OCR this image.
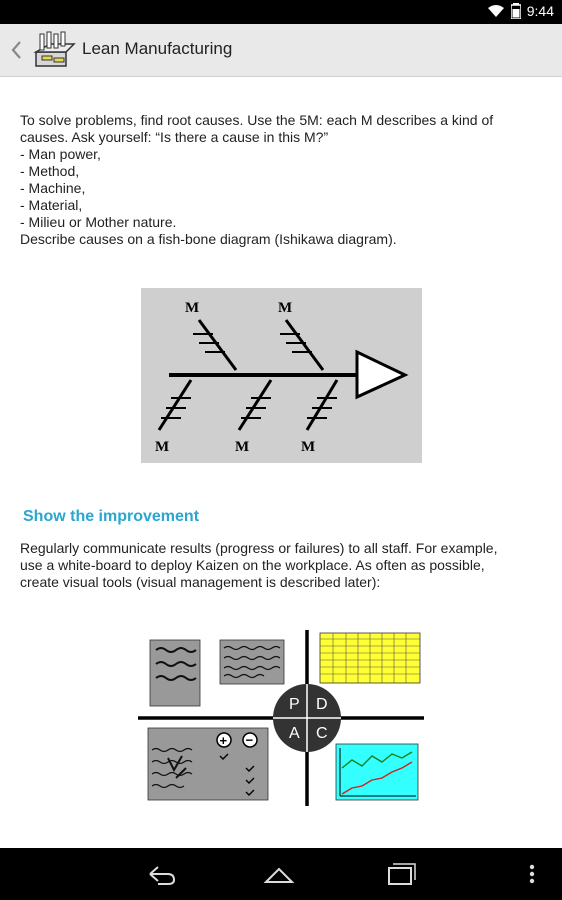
9:44
Lean Manufacturing
To solve problems, find root causes. Use the 5M: each M describes a kind of
causes. Ask yourself: “Is there a cause in this M?”
- Man power,
- Method,
- Machine,
- Material,
- Milieu or Mother nature.
Describe causes on a fish-bone diagram (Ishikawa diagram).
M	M
M	M	M
Show the improvement
Regularly communicate results (progress or failures) to all staff. For example,
use a white-board to deploy Kaizen on the workplace. As often as possible,
create visual tools (visual management is described later):
+ −
P D
A C
